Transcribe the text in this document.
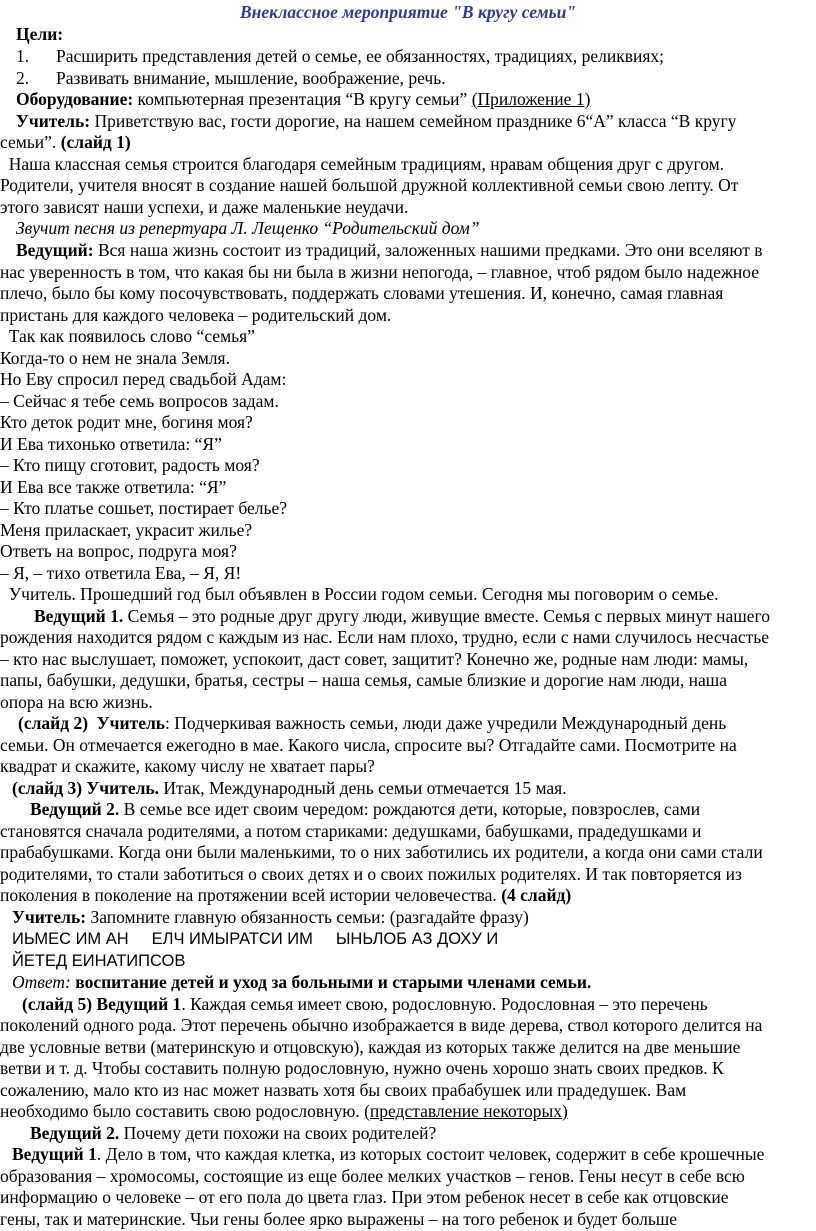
Внеклассное мероприятие "В кругу семьи"
Цели:
1. Расширить представления детей о семье, ее обязанностях, традициях, реликвиях;
2. Развивать внимание, мышление, воображение, речь.
Оборудование: компьютерная презентация “В кругу семьи” (Приложение 1)
Учитель: Приветствую вас, гости дорогие, на нашем семейном празднике 6“А” класса “В кругу
семьи”. (слайд 1)
Наша классная семья строится благодаря семейным традициям, нравам общения друг с другом.
Родители, учителя вносят в создание нашей большой дружной коллективной семьи свою лепту. От
этого зависят наши успехи, и даже маленькие неудачи.
Звучит песня из репертуара Л. Лещенко “Родительский дом”
Ведущий: Вся наша жизнь состоит из традиций, заложенных нашими предками. Это они вселяют в
нас уверенность в том, что какая бы ни была в жизни непогода, – главное, чтоб рядом было надежное
плечо, было бы кому посочувствовать, поддержать словами утешения. И, конечно, самая главная
пристань для каждого человека – родительский дом.
Так как появилось слово “семья”
Когда-то о нем не знала Земля.
Но Еву спросил перед свадьбой Адам:
– Сейчас я тебе семь вопросов задам.
Кто деток родит мне, богиня моя?
И Ева тихонько ответила: “Я”
– Кто пищу сготовит, радость моя?
И Ева все также ответила: “Я”
– Кто платье сошьет, постирает белье?
Меня приласкает, украсит жилье?
Ответь на вопрос, подруга моя?
– Я, – тихо ответила Ева, – Я, Я!
Учитель. Прошедший год был объявлен в России годом семьи. Сегодня мы поговорим о семье.
Ведущий 1. Семья – это родные друг другу люди, живущие вместе. Семья с первых минут нашего
рождения находится рядом с каждым из нас. Если нам плохо, трудно, если с нами случилось несчастье
– кто нас выслушает, поможет, успокоит, даст совет, защитит? Конечно же, родные нам люди: мамы,
папы, бабушки, дедушки, братья, сестры – наша семья, самые близкие и дорогие нам люди, наша
опора на всю жизнь.
(слайд 2)  Учитель: Подчеркивая важность семьи, люди даже учредили Международный день
семьи. Он отмечается ежегодно в мае. Какого числа, спросите вы? Отгадайте сами. Посмотрите на
квадрат и скажите, какому числу не хватает пары?
(слайд 3) Учитель. Итак, Международный день семьи отмечается 15 мая.
Ведущий 2. В семье все идет своим чередом: рождаются дети, которые, повзрослев, сами
становятся сначала родителями, а потом стариками: дедушками, бабушками, прадедушками и
прабабушками. Когда они были маленькими, то о них заботились их родители, а когда они сами стали
родителями, то стали заботиться о своих детях и о своих пожилых родителях. И так повторяется из
поколения в поколение на протяжении всей истории человечества. (4 слайд)
Учитель: Запомните главную обязанность семьи: (разгадайте фразу)
ИЬМЕС ИМ АН     ЕЛЧ ИМЫРАТСИ ИМ     ЫНЬЛОБ АЗ ДОХУ И
ЙЕТЕД ЕИНАТИПСОВ
Ответ: воспитание детей и уход за больными и старыми членами семьи.
(слайд 5) Ведущий 1. Каждая семья имеет свою, родословную. Родословная – это перечень
поколений одного рода. Этот перечень обычно изображается в виде дерева, ствол которого делится на
две условные ветви (материнскую и отцовскую), каждая из которых также делится на две меньшие
ветви и т. д. Чтобы составить полную родословную, нужно очень хорошо знать своих предков. К
сожалению, мало кто из нас может назвать хотя бы своих прабабушек или прадедушек. Вам
необходимо было составить свою родословную. (представление некоторых)
Ведущий 2. Почему дети похожи на своих родителей?
Ведущий 1. Дело в том, что каждая клетка, из которых состоит человек, содержит в себе крошечные
образования – хромосомы, состоящие из еще более мелких участков – генов. Гены несут в себе всю
информацию о человеке – от его пола до цвета глаз. При этом ребенок несет в себе как отцовские
гены, так и материнские. Чьи гены более ярко выражены – на того ребенок и будет больше
